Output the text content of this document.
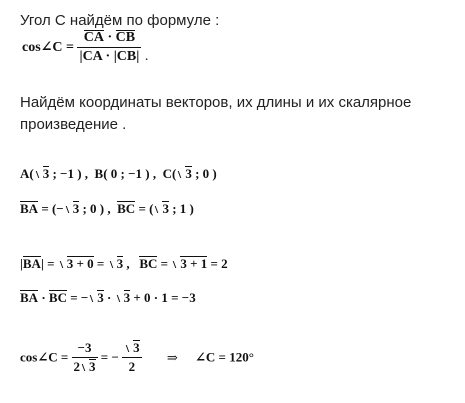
Угол C найдём по формуле :
cos∠C = $\frac{CA \cdot CB}{|CA \cdot |CB|}$ .
Найдём координаты векторов, их длины и их скалярное произведение .
A( 3 ; −1 ) , B( 0 ; −1 ) , C( 3 ; 0 )
BA = (− 3 ; 0 ) , BC = ( 3 ; 1 )
|BA| = 3 + 0 = 3 , BC = 3 + 1 = 2
BA · BC = − 3 · 3 + 0 · 1 = −3
cos∠C = $\frac{-3}{2 3}$ = − $\frac{3}{2}$ ⇒ ∠C = 120°
